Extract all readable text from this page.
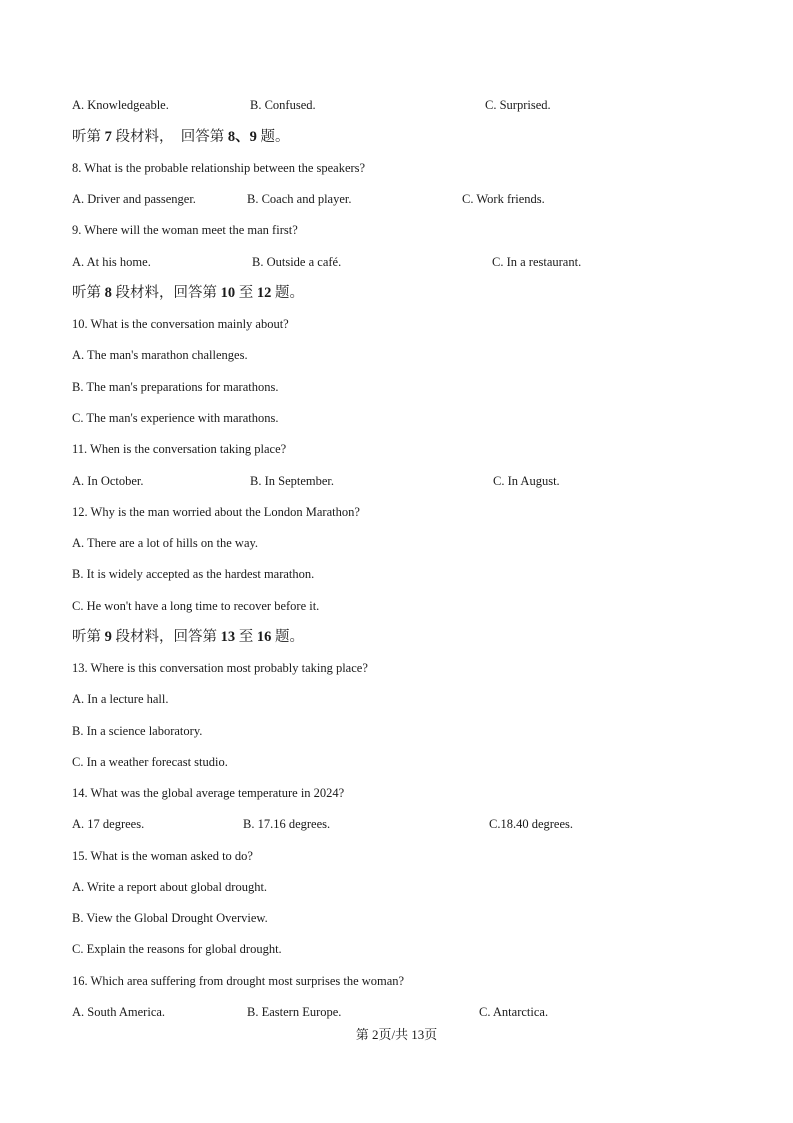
A. Knowledgeable.	B. Confused.	C. Surprised.
听第 7 段材料，　回答第 8、9 题。
8. What is the probable relationship between the speakers?
A. Driver and passenger.	B. Coach and player.	C. Work friends.
9. Where will the woman meet the man first?
A. At his home.	B. Outside a café.	C. In a restaurant.
听第 8 段材料，回答第 10 至 12 题。
10. What is the conversation mainly about?
A. The man's marathon challenges.
B. The man's preparations for marathons.
C. The man's experience with marathons.
11. When is the conversation taking place?
A. In October.	B. In September.	C. In August.
12. Why is the man worried about the London Marathon?
A. There are a lot of hills on the way.
B. It is widely accepted as the hardest marathon.
C. He won't have a long time to recover before it.
听第 9 段材料，回答第 13 至 16 题。
13. Where is this conversation most probably taking place?
A. In a lecture hall.
B. In a science laboratory.
C. In a weather forecast studio.
14. What was the global average temperature in 2024?
A. 17 degrees.	B. 17.16 degrees.	C.18.40 degrees.
15. What is the woman asked to do?
A. Write a report about global drought.
B. View the Global Drought Overview.
C. Explain the reasons for global drought.
16. Which area suffering from drought most surprises the woman?
A. South America.	B. Eastern Europe.	C. Antarctica.
第 2页/共 13页
